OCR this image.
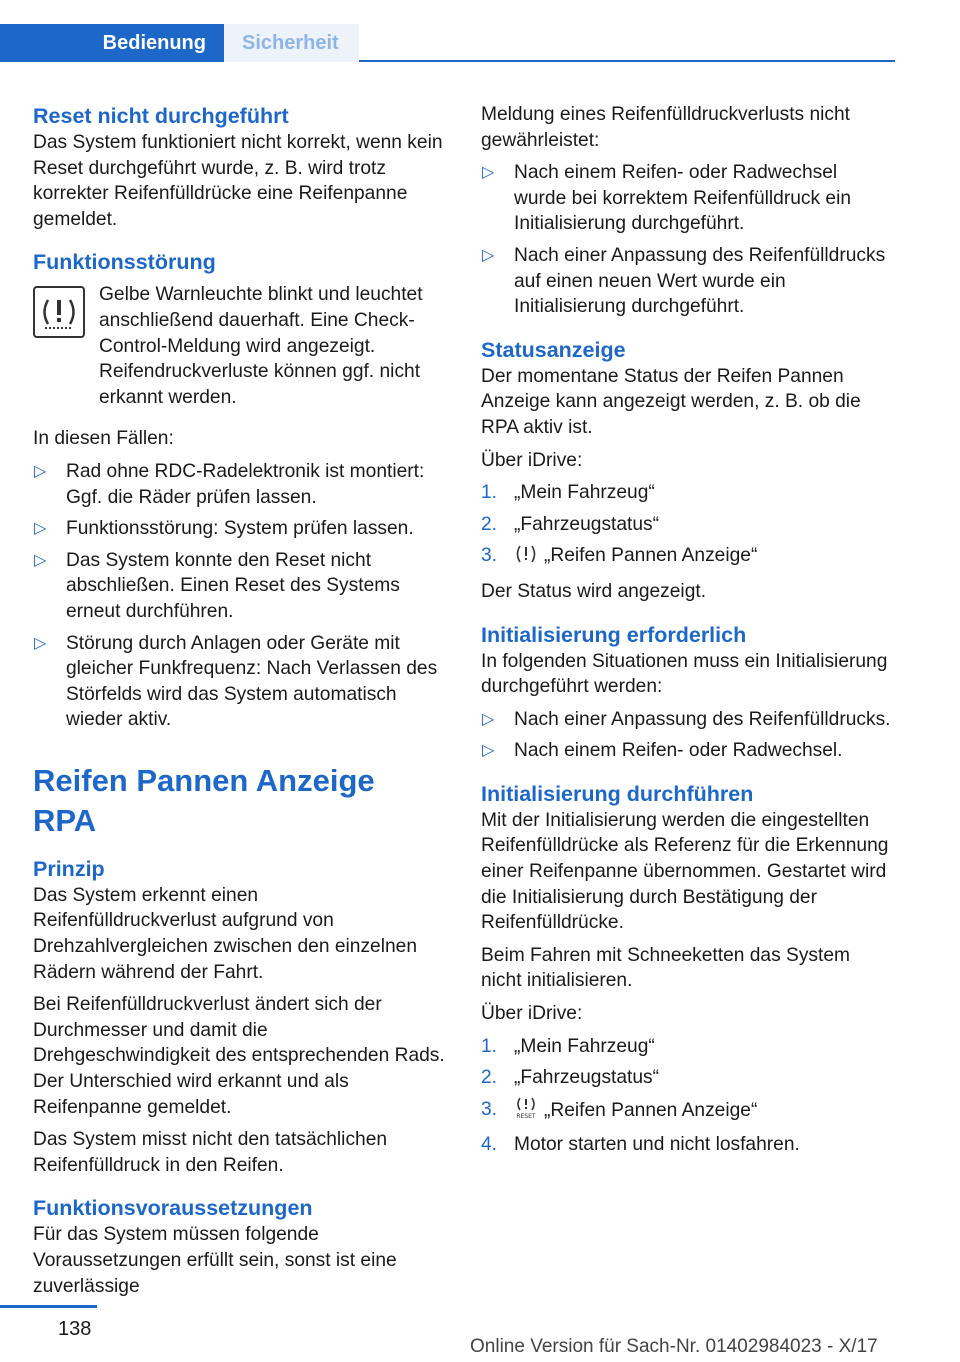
Bedienung	Sicherheit
Reset nicht durchgeführt

Das System funktioniert nicht korrekt, wenn kein Reset durchgeführt wurde, z. B. wird trotz korrekter Reifenfülldrücke eine Reifenpanne gemeldet.

Funktionsstörung

Gelbe Warnleuchte blinkt und leuchtet anschließend dauerhaft. Eine Check-Control-Meldung wird angezeigt. Reifendruckverluste können ggf. nicht erkannt werden.

In diesen Fällen:

▷ Rad ohne RDC-Radelektronik ist montiert: Ggf. die Räder prüfen lassen.
▷ Funktionsstörung: System prüfen lassen.
▷ Das System konnte den Reset nicht abschließen. Einen Reset des Systems erneut durchführen.
▷ Störung durch Anlagen oder Geräte mit gleicher Funkfrequenz: Nach Verlassen des Störfelds wird das System automatisch wieder aktiv.
Reifen Pannen Anzeige RPA
Prinzip

Das System erkennt einen Reifenfülldruckverlust aufgrund von Drehzahlvergleichen zwischen den einzelnen Rädern während der Fahrt.

Bei Reifenfülldruckverlust ändert sich der Durchmesser und damit die Drehgeschwindigkeit des entsprechenden Rads. Der Unterschied wird erkannt und als Reifenpanne gemeldet.

Das System misst nicht den tatsächlichen Reifenfülldruck in den Reifen.

Funktionsvoraussetzungen

Für das System müssen folgende Voraussetzungen erfüllt sein, sonst ist eine zuverlässige

Meldung eines Reifenfülldruckverlusts nicht gewährleistet:

▷ Nach einem Reifen- oder Radwechsel wurde bei korrektem Reifenfülldruck ein Initialisierung durchgeführt.
▷ Nach einer Anpassung des Reifenfülldrucks auf einen neuen Wert wurde ein Initialisierung durchgeführt.
Statusanzeige

Der momentane Status der Reifen Pannen Anzeige kann angezeigt werden, z. B. ob die RPA aktiv ist.

Über iDrive:

1. „Mein Fahrzeug“
2. „Fahrzeugstatus“
3. „Reifen Pannen Anzeige“

Der Status wird angezeigt.

Initialisierung erforderlich

In folgenden Situationen muss ein Initialisierung durchgeführt werden:

▷ Nach einer Anpassung des Reifenfülldrucks.
▷ Nach einem Reifen- oder Radwechsel.
Initialisierung durchführen

Mit der Initialisierung werden die eingestellten Reifenfülldrücke als Referenz für die Erkennung einer Reifenpanne übernommen. Gestartet wird die Initialisierung durch Bestätigung der Reifenfülldrücke.

Beim Fahren mit Schneeketten das System nicht initialisieren.

Über iDrive:

1. „Mein Fahrzeug“
2. „Fahrzeugstatus“
3.	RESET „Reifen Pannen Anzeige“
4. Motor starten und nicht losfahren.
138
Online Version für Sach-Nr. 01402984023 - X/17
